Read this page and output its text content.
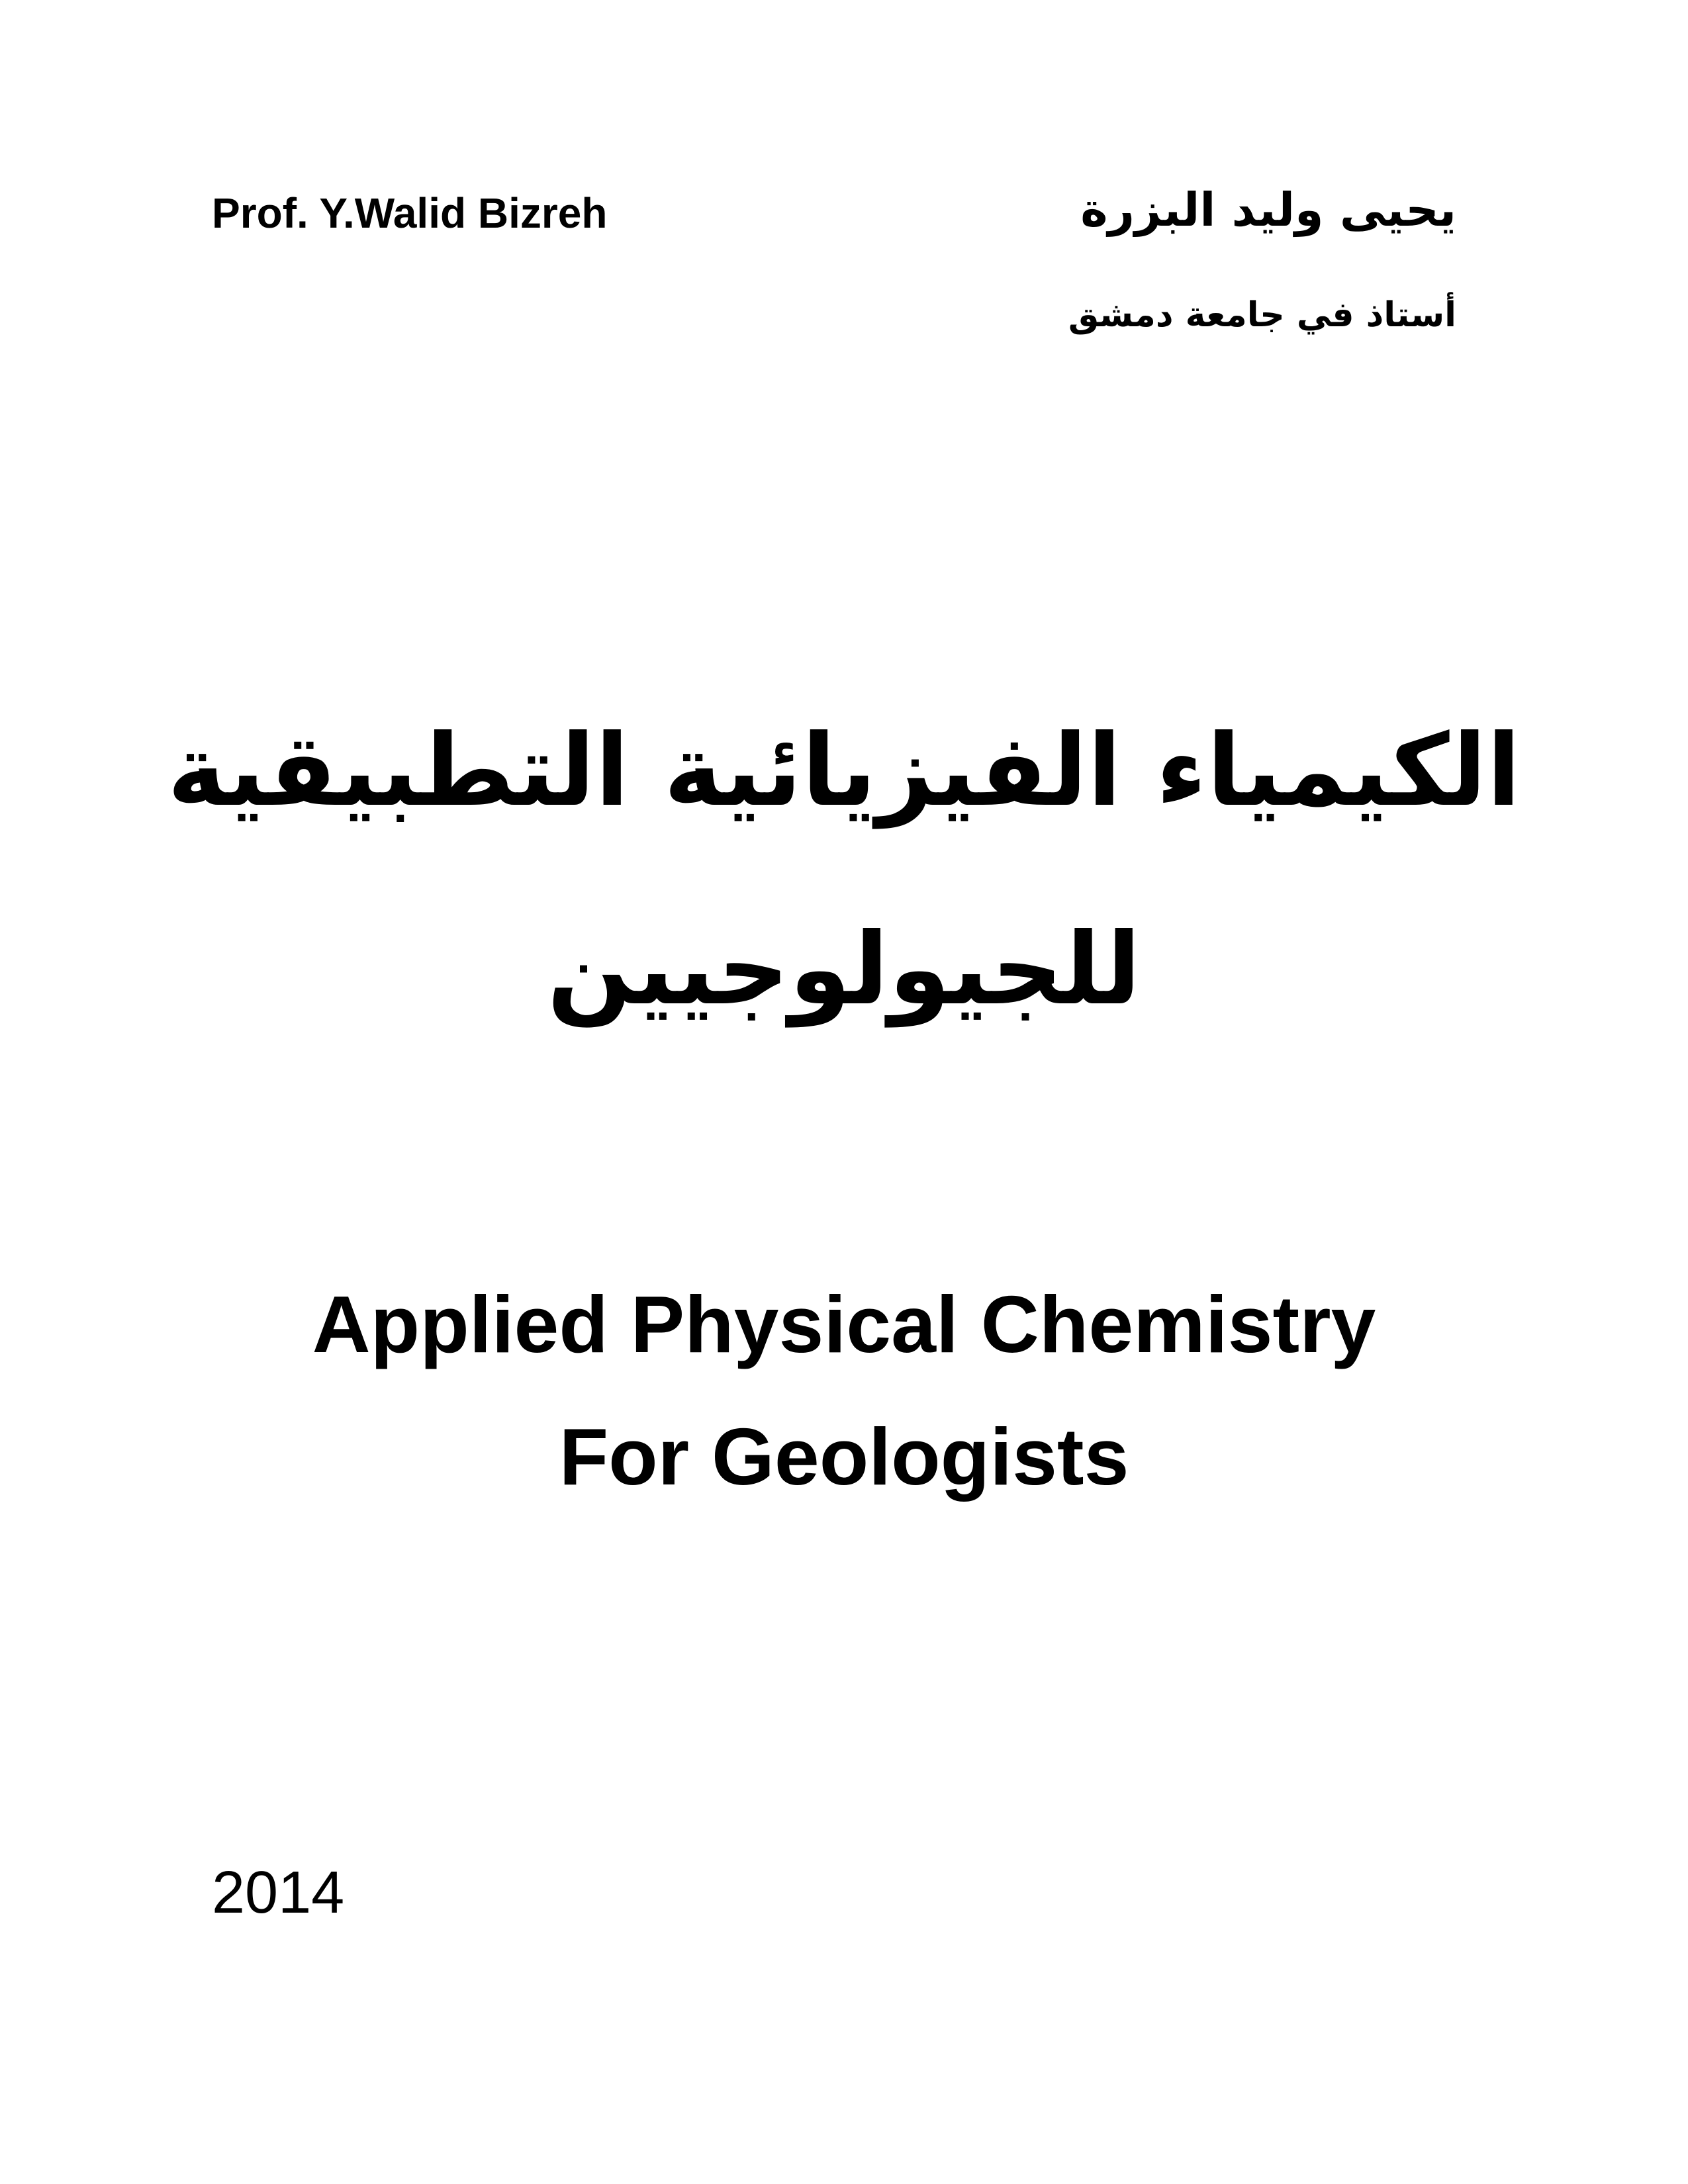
Prof. Y.Walid Bizreh	يحيى وليد البزرة
أستاذ في جامعة دمشق
الكيمياء الفيزيائية التطبيقية
للجيولوجيين
Applied Physical Chemistry
For Geologists
2014
